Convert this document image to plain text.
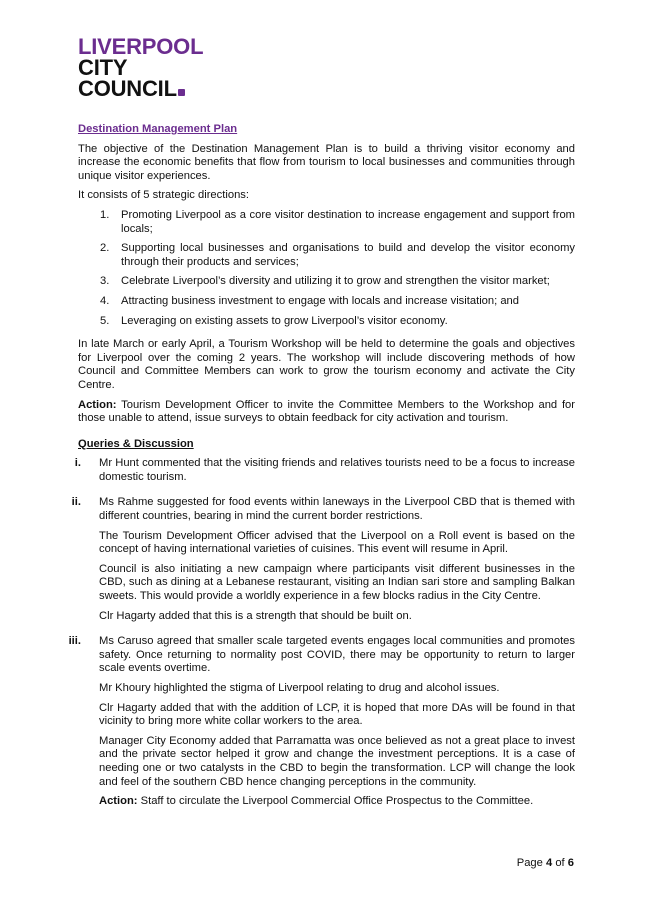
LIVERPOOL
CITY
COUNCIL
Destination Management Plan

The objective of the Destination Management Plan is to build a thriving visitor economy and increase the economic benefits that flow from tourism to local businesses and communities through unique visitor experiences.

It consists of 5 strategic directions:

1. Promoting Liverpool as a core visitor destination to increase engagement and support from locals;
2. Supporting local businesses and organisations to build and develop the visitor economy through their products and services;
3. Celebrate Liverpool’s diversity and utilizing it to grow and strengthen the visitor market;
4. Attracting business investment to engage with locals and increase visitation; and
5. Leveraging on existing assets to grow Liverpool’s visitor economy.

In late March or early April, a Tourism Workshop will be held to determine the goals and objectives for Liverpool over the coming 2 years. The workshop will include discovering methods of how Council and Committee Members can work to grow the tourism economy and activate the City Centre.

Action: Tourism Development Officer to invite the Committee Members to the Workshop and for those unable to attend, issue surveys to obtain feedback for city activation and tourism.

Queries & Discussion
i. Mr Hunt commented that the visiting friends and relatives tourists need to be a focus to increase domestic tourism.

ii. Ms Rahme suggested for food events within laneways in the Liverpool CBD that is themed with different countries, bearing in mind the current border restrictions.

The Tourism Development Officer advised that the Liverpool on a Roll event is based on the concept of having international varieties of cuisines. This event will resume in April.

Council is also initiating a new campaign where participants visit different businesses in the CBD, such as dining at a Lebanese restaurant, visiting an Indian sari store and sampling Balkan sweets. This would provide a worldly experience in a few blocks radius in the City Centre.

Clr Hagarty added that this is a strength that should be built on.

iii. Ms Caruso agreed that smaller scale targeted events engages local communities and promotes safety. Once returning to normality post COVID, there may be opportunity to return to larger scale events overtime.

Mr Khoury highlighted the stigma of Liverpool relating to drug and alcohol issues.

Clr Hagarty added that with the addition of LCP, it is hoped that more DAs will be found in that vicinity to bring more white collar workers to the area.

Manager City Economy added that Parramatta was once believed as not a great place to invest and the private sector helped it grow and change the investment perceptions. It is a case of needing one or two catalysts in the CBD to begin the transformation. LCP will change the look and feel of the southern CBD hence changing perceptions in the community.

Action: Staff to circulate the Liverpool Commercial Office Prospectus to the Committee.

Page 4 of 6
